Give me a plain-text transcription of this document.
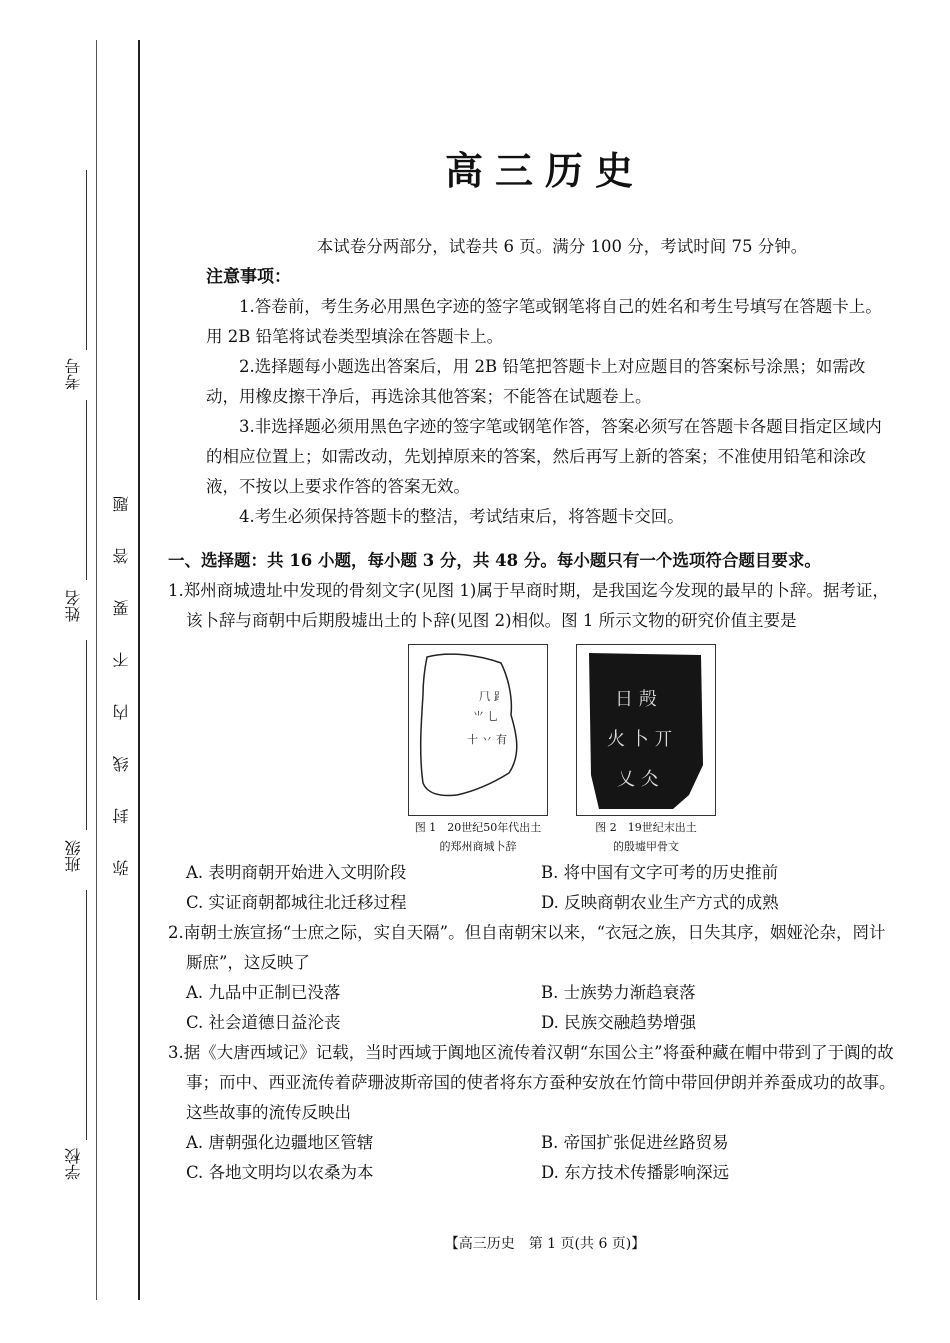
考号
姓名
班级
学校
弥封线内不要答题
高三历史
本试卷分两部分，试卷共 6 页。满分 100 分，考试时间 75 分钟。
注意事项：
1.答卷前，考生务必用黑色字迹的签字笔或钢笔将自己的姓名和考生号填写在答题卡上。用 2B 铅笔将试卷类型填涂在答题卡上。
2.选择题每小题选出答案后，用 2B 铅笔把答题卡上对应题目的答案标号涂黑；如需改动，用橡皮擦干净后，再选涂其他答案；不能答在试题卷上。
3.非选择题必须用黑色字迹的签字笔或钢笔作答，答案必须写在答题卡各题目指定区域内的相应位置上；如需改动，先划掉原来的答案，然后再写上新的答案；不准使用铅笔和涂改液，不按以上要求作答的答案无效。
4.考生必须保持答题卡的整洁，考试结束后，将答题卡交回。
一、选择题：共 16 小题，每小题 3 分，共 48 分。每小题只有一个选项符合题目要求。
1.郑州商城遗址中发现的骨刻文字(见图 1)属于早商时期，是我国迄今发现的最早的卜辞。据考证，该卜辞与商朝中后期殷墟出土的卜辞(见图 2)相似。图 1 所示文物的研究价值主要是
⺇ ⻊
⺌ 乚
十 丷 有
图 1　20世纪50年代出土
的郑州商城卜辞
日 殸
火 卜 丌
乂 仌
图 2　19世纪末出土
的殷墟甲骨文
A. 表明商朝开始进入文明阶段	B. 将中国有文字可考的历史推前
C. 实证商朝都城往北迁移过程	D. 反映商朝农业生产方式的成熟
2.南朝士族宣扬“士庶之际，实自天隔”。但自南朝宋以来，“衣冠之族，日失其序，姻娅沦杂，罔计厮庶”，这反映了
A. 九品中正制已没落	B. 士族势力渐趋衰落
C. 社会道德日益沦丧	D. 民族交融趋势增强
3.据《大唐西域记》记载，当时西域于阗地区流传着汉朝“东国公主”将蚕种藏在帽中带到了于阗的故事；而中、西亚流传着萨珊波斯帝国的使者将东方蚕种安放在竹筒中带回伊朗并养蚕成功的故事。这些故事的流传反映出
A. 唐朝强化边疆地区管辖	B. 帝国扩张促进丝路贸易
C. 各地文明均以农桑为本	D. 东方技术传播影响深远
【高三历史　第 1 页(共 6 页)】
